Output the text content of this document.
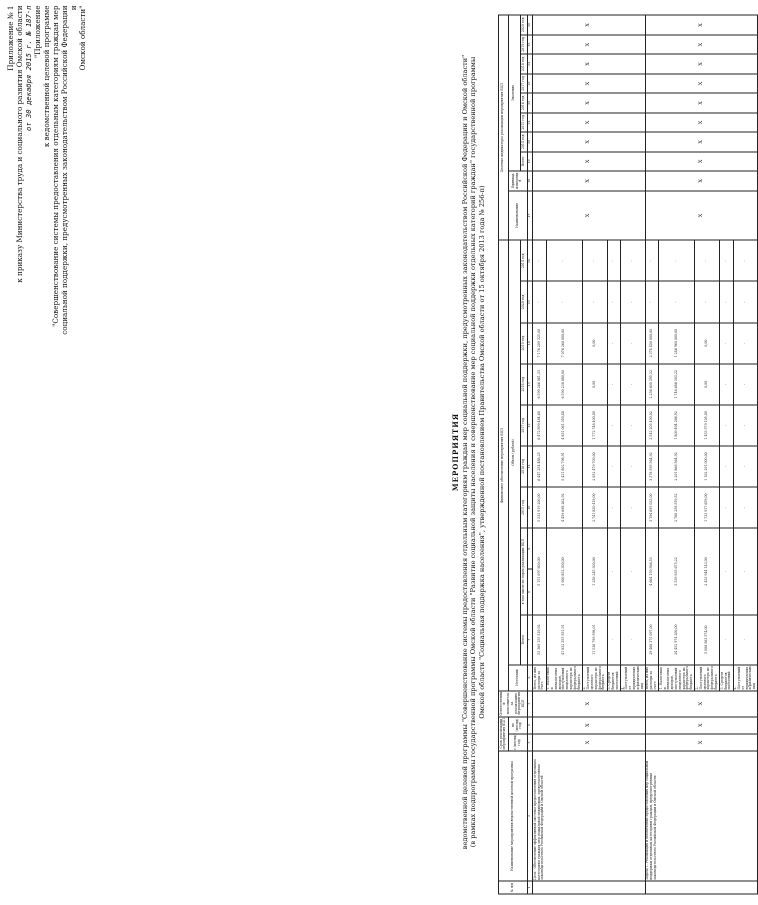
Приложение № 1 к приказу Министерства труда и социального развития Омской области от 30 декабря 2015 г. № 187-п "Приложение к ведомственной целевой программе "Совершенствование системы предоставления отдельным категориям граждан мер социальной поддержки, предусмотренных законодательством Российской Федерации и Омской области"
МЕРОПРИЯТИЯ ведомственной целевой программы "Совершенствование системы предоставления отдельным категориям граждан мер социальной поддержки, предусмотренных законодательством Российской Федерации и Омской области" (в рамках подпрограммы государственной программы Омской области "Развитие социальной защиты населения и совершенствование мер социальной поддержки отдельных категорий граждан" государственной программы Омской области "Социальная поддержка населения", утвержденной постановлением Правительства Омской области от 15 октября 2013 года № 256-п)
№ п/п	Наименование мероприятия ведомственной целевой программы	Срок реализации мероприятия ВЦП		Ответственный исполнитель за реализацию мероприятия ВЦП	Финансовое обеспечение мероприятия ВЦП											Целевые индикаторы реализации мероприятия ВЦП									
		с (месяц/год)	по (месяц/год)		Источник	Объем (рублей)										Наименование	Единица измерения	Значение							
						Всего	в том числе по годам реализации ВЦП		2015 год	2016 год	2017 год	2018 год	2019 год	2020 год	2014 год			Всего	2014 год	2015 год	2016 год	2017 год	2018 год	2019 год	2020 год
1	2	3	4	5	6	7	8	9	10	11	12	13	14	15	16	17	18	19	20	21	22	23	24	25	26
	Цель - Обеспечение эффективной системы предоставления отдельным категориям граждан мер социальной поддержки, предусмотренных законодательством Российской Федерации и Омской области	X	X	X	Всего, из них расходы за счет:	53 369 155 529,92	5 151 097 600,00		5 532 919 200,00	6 447 254 488,25	6 472 899 484,60	6 599 266 041,33	7 176 209 325,00	-	-	X	X	X	X	X	X	X	X	X	X
					1. Налоговых и неналоговых доходов, поступлений нецелевого характера из федерального бюджета	41 832 355 931,91	3 900 852 300,00		4 459 698 262,92	5 431 802 798,91	4 851 061 350,48	6 590 238 880,00	7 076 260 000,00	-	-										
					2. Поступлений целевого характера из федерального бюджета	11 536 799 598,01	1 250 245 300,00		2 741 830 419,00	2 052 479 709,00	1 772 748 400,00	0,00	0,00	-	-										
					3. Средств бюджетов поселений	-	-		-	-	-	-	-	-	-										
					4. Поступлений от юридических и физических лиц	-	-		-	-	-	-	-	-	-										
	Задача 1. Реализация и обеспечение предоставления мер социальной поддержки отдельным категориям граждан, предусмотренных законодательством Российской Федерации и Омской области	X	X	X	Всего, из них расходы за счет:	29 468 375 097,00	4 664 159 566,53		3 194 695 033,00	3 378 595 564,92	3 542 205 490,02	2 256 600 395,32	2 374 400 000,00	-	-	X	X	X	X	X	X	X	X	X	X
					1. Налоговых и неналоговых доходов, поступлений нецелевого характера из федерального бюджета	24 452 974 200,00	3 539 935 675,22		2 760 258 559,52	2 201 866 564,92	1 809 494 286,92	1 746 686 303,22	1 246 960 000,00	-	-										
					2. Поступлений целевого характера из федерального бюджета	5 008 563 574,00	2 433 944 143,00		1 733 917 659,00	1 102 291 000,00	1 453 579 105,00	0,00	0,00	-	-										
					3. Средств бюджетов поселений	-	-		-	-	-	-	-	-	-										
					4. Поступлений от юридических и физических лиц	-	-		-	-	-	-	-	-	-										
